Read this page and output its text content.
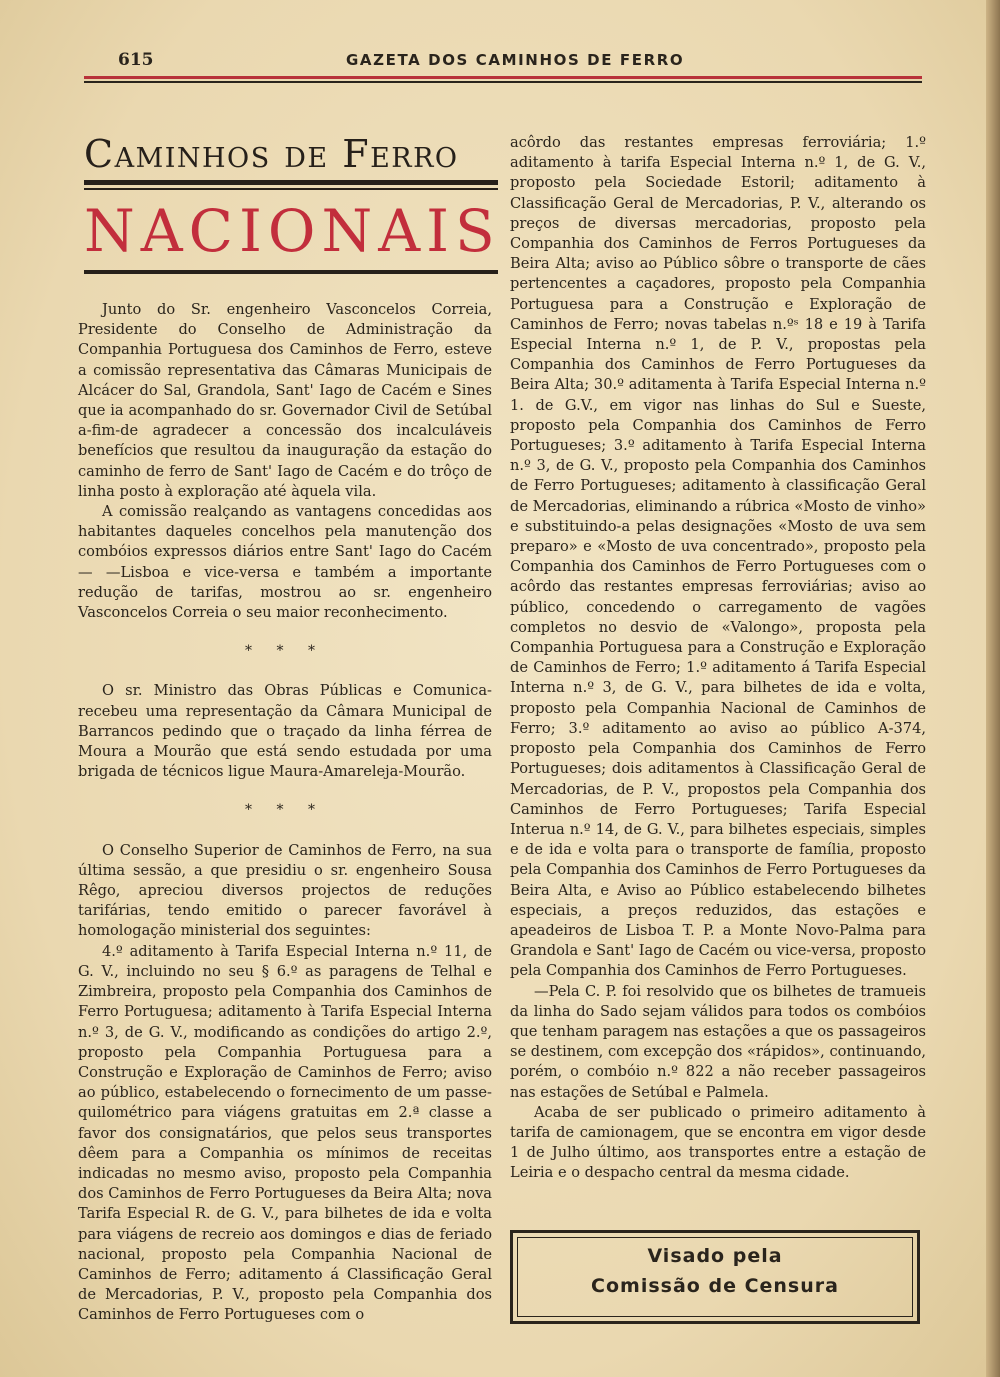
615	GAZETA DOS CAMINHOS DE FERRO
Caminhos de Ferro
NACIONAIS

Junto do Sr. engenheiro Vasconcelos Correia, Presidente do Conselho de Administração da Companhia Portuguesa dos Caminhos de Ferro, esteve a comissão representativa das Câmaras Municipais de Alcácer do Sal, Grandola, Sant' Iago de Cacém e Sines que ia acompanhado do sr. Governador Civil de Setúbal a-fim-de agradecer a concessão dos incalculáveis benefícios que resultou da inauguração da estação do caminho de ferro de Sant' Iago de Cacém e do trôço de linha posto à exploração até àquela vila.

A comissão realçando as vantagens concedidas aos habitantes daqueles concelhos pela manutenção dos combóios expressos diários entre Sant' Iago do Cacém— —Lisboa e vice-versa e também a importante redução de tarifas, mostrou ao sr. engenheiro Vasconcelos Correia o seu maior reconhecimento.

* * *

O sr. Ministro das Obras Públicas e Comunica- recebeu uma representação da Câmara Municipal de Barrancos pedindo que o traçado da linha férrea de Moura a Mourão que está sendo estudada por uma brigada de técnicos ligue Maura-Amareleja-Mourão.

* * *

O Conselho Superior de Caminhos de Ferro, na sua última sessão, a que presidiu o sr. engenheiro Sousa Rêgo, apreciou diversos projectos de reduções tarifárias, tendo emitido o parecer favorável à homologação ministerial dos seguintes:

4.º aditamento à Tarifa Especial Interna n.º 11, de G. V., incluindo no seu § 6.º as paragens de Telhal e Zimbreira, proposto pela Companhia dos Caminhos de Ferro Portuguesa; aditamento à Tarifa Especial Interna n.º 3, de G. V., modificando as condições do artigo 2.º, proposto pela Companhia Portuguesa para a Construção e Exploração de Caminhos de Ferro; aviso ao público, estabelecendo o fornecimento de um passe- quilométrico para viágens gratuitas em 2.ª classe a favor dos consignatários, que pelos seus transportes dêem para a Companhia os mínimos de receitas indicadas no mesmo aviso, proposto pela Companhia dos Caminhos de Ferro Portugueses da Beira Alta; nova Tarifa Especial R. de G. V., para bilhetes de ida e volta para viágens de recreio aos domingos e dias de feriado nacional, proposto pela Companhia Nacional de Caminhos de Ferro; aditamento á Classificação Geral de Mercadorias, P. V., proposto pela Companhia dos Caminhos de Ferro Portugueses com o

acôrdo das restantes empresas ferroviária; 1.º aditamento à tarifa Especial Interna n.º 1, de G. V., proposto pela Sociedade Estoril; aditamento à Classificação Geral de Mercadorias, P. V., alterando os preços de diversas mercadorias, proposto pela Companhia dos Caminhos de Ferros Portugueses da Beira Alta; aviso ao Público sôbre o transporte de cães pertencentes a caçadores, proposto pela Companhia Portuguesa para a Construção e Exploração de Caminhos de Ferro; novas tabelas n.ºˢ 18 e 19 à Tarifa Especial Interna n.º 1, de P. V., propostas pela Companhia dos Caminhos de Ferro Portugueses da Beira Alta; 30.º aditamenta à Tarifa Especial Interna n.º 1. de G.V., em vigor nas linhas do Sul e Sueste, proposto pela Companhia dos Caminhos de Ferro Portugueses; 3.º aditamento à Tarifa Especial Interna n.º 3, de G. V., proposto pela Companhia dos Caminhos de Ferro Portugueses; aditamento à classificação Geral de Mercadorias, eliminando a rúbrica «Mosto de vinho» e substituindo-a pelas designações «Mosto de uva sem preparo» e «Mosto de uva concentrado», proposto pela Companhia dos Caminhos de Ferro Portugueses com o acôrdo das restantes empresas ferroviárias; aviso ao público, concedendo o carregamento de vagões completos no desvio de «Valongo», proposta pela Companhia Portuguesa para a Construção e Exploração de Caminhos de Ferro; 1.º aditamento á Tarifa Especial Interna n.º 3, de G. V., para bilhetes de ida e volta, proposto pela Companhia Nacional de Caminhos de Ferro; 3.º aditamento ao aviso ao público A-374, proposto pela Companhia dos Caminhos de Ferro Portugueses; dois aditamentos à Classificação Geral de Mercadorias, de P. V., propostos pela Companhia dos Caminhos de Ferro Portugueses; Tarifa Especial Interua n.º 14, de G. V., para bilhetes especiais, simples e de ida e volta para o transporte de família, proposto pela Companhia dos Caminhos de Ferro Portugueses da Beira Alta, e Aviso ao Público estabelecendo bilhetes especiais, a preços reduzidos, das estações e apeadeiros de Lisboa T. P. a Monte Novo-Palma para Grandola e Sant' Iago de Cacém ou vice-versa, proposto pela Companhia dos Caminhos de Ferro Portugueses.

—Pela C. P. foi resolvido que os bilhetes de tramueis da linha do Sado sejam válidos para todos os combóios que tenham paragem nas estações a que os passageiros se destinem, com excepção dos «rápidos», continuando, porém, o combóio n.º 822 a não receber passageiros nas estações de Setúbal e Palmela.

Acaba de ser publicado o primeiro aditamento à tarifa de camionagem, que se encontra em vigor desde 1 de Julho último, aos transportes entre a estação de Leiria e o despacho central da mesma cidade.

Visado pela
Comissão de Censura
